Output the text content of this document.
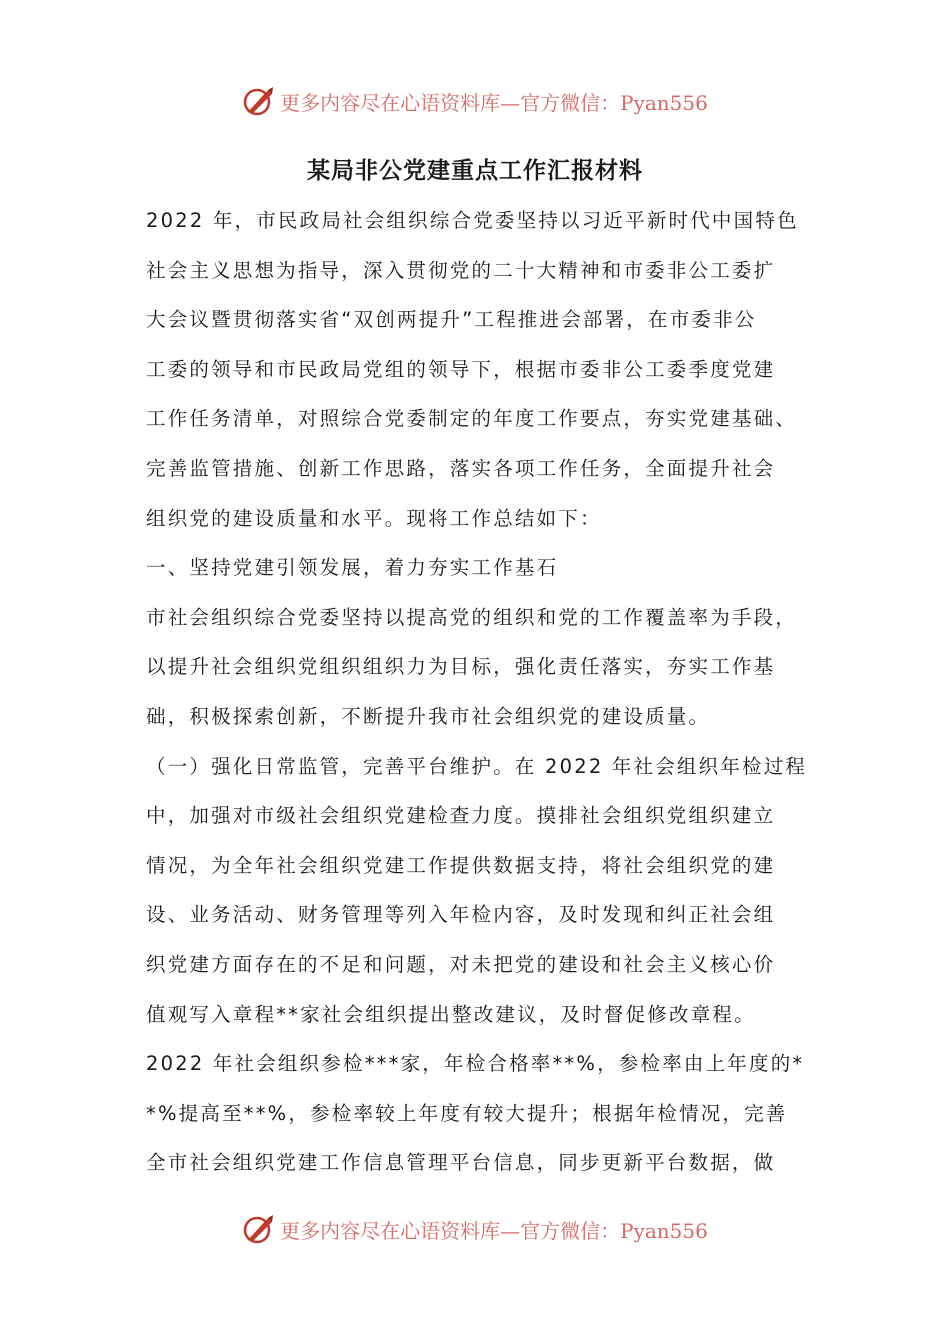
更多内容尽在心语资料库—官方微信：Pyan556
某局非公党建重点工作汇报材料
2022 年，市民政局社会组织综合党委坚持以习近平新时代中国特色
社会主义思想为指导，深入贯彻党的二十大精神和市委非公工委扩
大会议暨贯彻落实省“双创两提升”工程推进会部署，在市委非公
工委的领导和市民政局党组的领导下，根据市委非公工委季度党建
工作任务清单，对照综合党委制定的年度工作要点，夯实党建基础、
完善监管措施、创新工作思路，落实各项工作任务，全面提升社会
组织党的建设质量和水平。现将工作总结如下：
一、坚持党建引领发展，着力夯实工作基石
市社会组织综合党委坚持以提高党的组织和党的工作覆盖率为手段，
以提升社会组织党组织组织力为目标，强化责任落实，夯实工作基
础，积极探索创新，不断提升我市社会组织党的建设质量。
（一）强化日常监管，完善平台维护。在 2022 年社会组织年检过程
中，加强对市级社会组织党建检查力度。摸排社会组织党组织建立
情况，为全年社会组织党建工作提供数据支持，将社会组织党的建
设、业务活动、财务管理等列入年检内容，及时发现和纠正社会组
织党建方面存在的不足和问题，对未把党的建设和社会主义核心价
值观写入章程**家社会组织提出整改建议，及时督促修改章程。
2022 年社会组织参检***家，年检合格率**%，参检率由上年度的*
*%提高至**%，参检率较上年度有较大提升；根据年检情况，完善
全市社会组织党建工作信息管理平台信息，同步更新平台数据，做
更多内容尽在心语资料库—官方微信：Pyan556
